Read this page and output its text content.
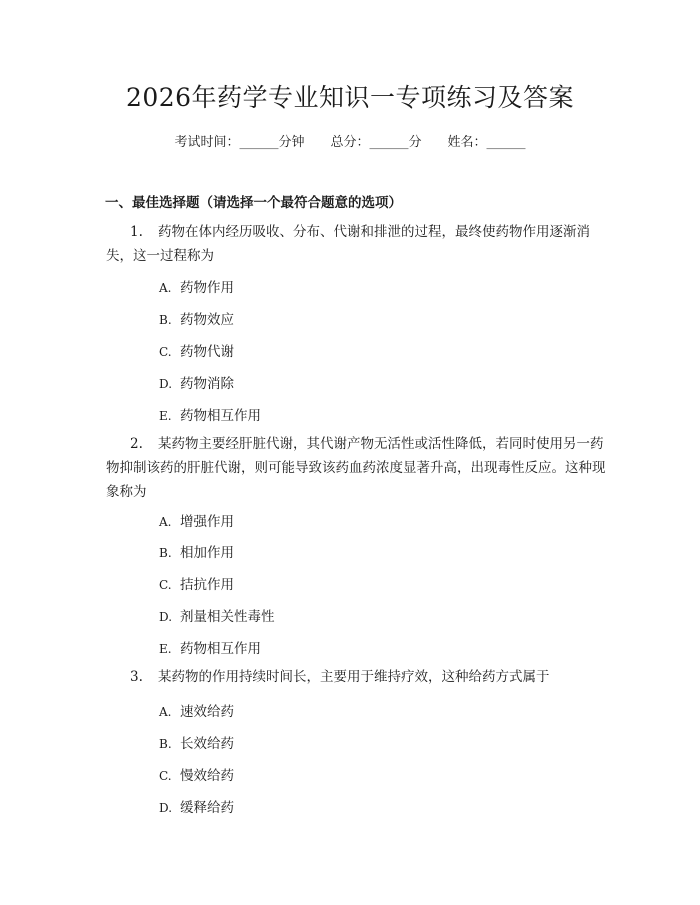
2026年药学专业知识一专项练习及答案
考试时间：______分钟 总分：______分 姓名：______
一、最佳选择题（请选择一个最符合题意的选项）
1. 药物在体内经历吸收、分布、代谢和排泄的过程，最终使药物作用逐渐消失，这一过程称为
A. 药物作用
B. 药物效应
C. 药物代谢
D. 药物消除
E. 药物相互作用
2. 某药物主要经肝脏代谢，其代谢产物无活性或活性降低，若同时使用另一药物抑制该药的肝脏代谢，则可能导致该药血药浓度显著升高，出现毒性反应。这种现象称为
A. 增强作用
B. 相加作用
C. 拮抗作用
D. 剂量相关性毒性
E. 药物相互作用
3. 某药物的作用持续时间长，主要用于维持疗效，这种给药方式属于
A. 速效给药
B. 长效给药
C. 慢效给药
D. 缓释给药
